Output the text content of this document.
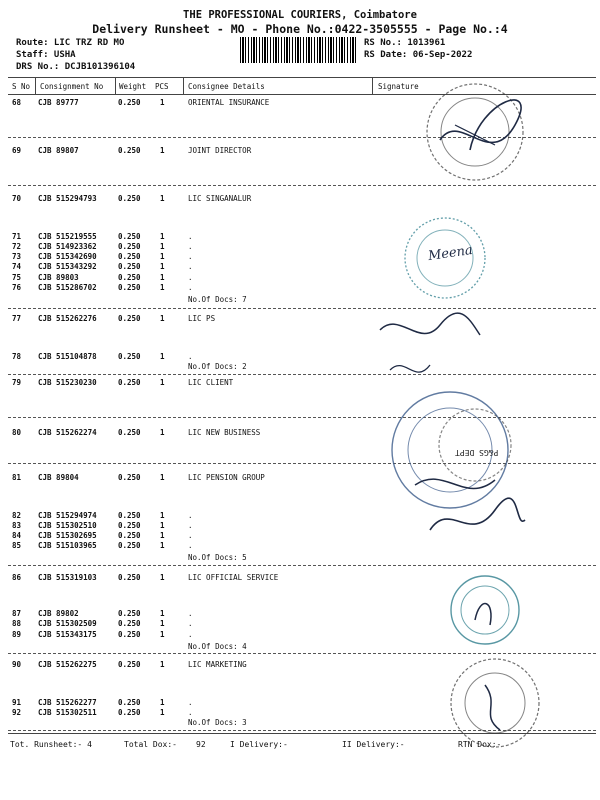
THE PROFESSIONAL COURIERS, Coimbatore
Delivery Runsheet - MO - Phone No.:0422-3505555 - Page No.:4
Route: LIC TRZ RD MO
Staff: USHA
DRS No.: DCJB101396104
RS No.: 1013961
RS Date: 06-Sep-2022
S No Consignment No Weight PCS	Consignee Details	Signature
68 CJB 89777	0.250	1	ORIENTAL INSURANCE
69 CJB 89807	0.250	1	JOINT DIRECTOR
70 CJB 515294793	0.250	1	LIC SINGANALUR
71 CJB 515219555	0.250	1	.
72 CJB 514923362	0.250	1	.
73 CJB 515342690	0.250	1	.
74 CJB 515343292	0.250	1	.
75 CJB 89803	0.250	1	.
76 CJB 515286702	0.250	1	.
77 CJB 515262276	0.250	1	LIC PS
78 CJB 515104878	0.250	1	.
79 CJB 515230230	0.250	1	LIC CLIENT
80 CJB 515262274	0.250	1	LIC NEW BUSINESS
81 CJB 89804	0.250	1	LIC PENSION GROUP
82 CJB 515294974	0.250	1	.
83 CJB 515302510	0.250	1	.
84 CJB 515302695	0.250	1	.
85 CJB 515103965	0.250	1	.
86 CJB 515319103	0.250	1	LIC OFFICIAL SERVICE
87 CJB 89802	0.250	1	.
88 CJB 515302509	0.250	1	.
89 CJB 515343175	0.250	1	.
90 CJB 515262275	0.250	1	LIC MARKETING
91 CJB 515262277	0.250	1	.
92 CJB 515302511	0.250	1	.
No.Of Docs: 7
No.Of Docs: 2
No.Of Docs: 5
No.Of Docs: 4
No.Of Docs: 3
Meena
P&GS DEPT
Tot. Runsheet:- 4	Total Dox:- 92	I Delivery:-	II Delivery:-	RTN Dox:-
